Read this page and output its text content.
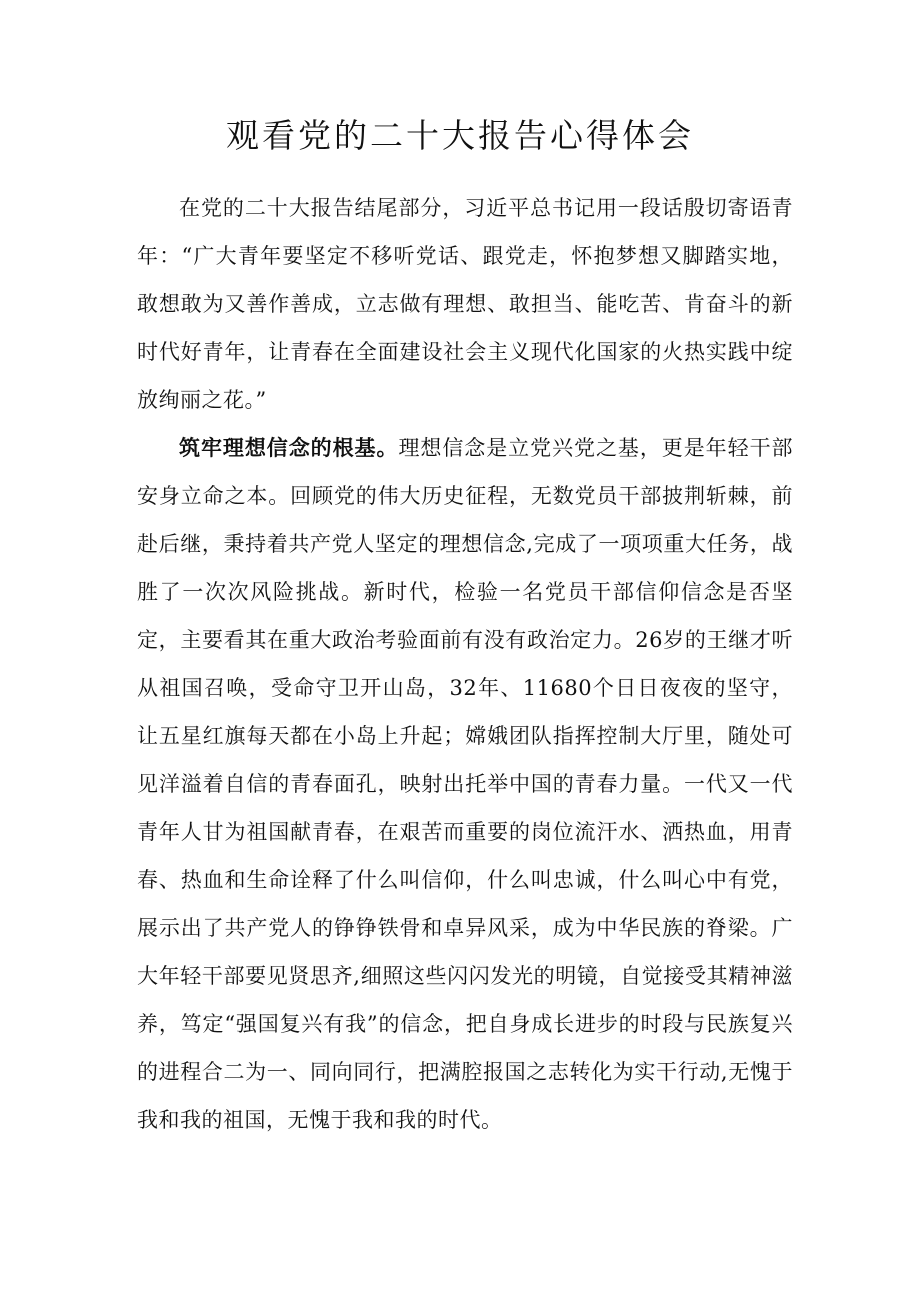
观看党的二十大报告心得体会

在党的二十大报告结尾部分，习近平总书记用一段话殷切寄语青年：“广大青年要坚定不移听党话、跟党走，怀抱梦想又脚踏实地，敢想敢为又善作善成，立志做有理想、敢担当、能吃苦、肯奋斗的新时代好青年，让青春在全面建设社会主义现代化国家的火热实践中绽放绚丽之花。”

筑牢理想信念的根基。理想信念是立党兴党之基，更是年轻干部安身立命之本。回顾党的伟大历史征程，无数党员干部披荆斩棘，前赴后继，秉持着共产党人坚定的理想信念,完成了一项项重大任务，战胜了一次次风险挑战。新时代，检验一名党员干部信仰信念是否坚定，主要看其在重大政治考验面前有没有政治定力。26岁的王继才听从祖国召唤，受命守卫开山岛，32年、11680个日日夜夜的坚守，让五星红旗每天都在小岛上升起；嫦娥团队指挥控制大厅里，随处可见洋溢着自信的青春面孔，映射出托举中国的青春力量。一代又一代青年人甘为祖国献青春，在艰苦而重要的岗位流汗水、洒热血，用青春、热血和生命诠释了什么叫信仰，什么叫忠诚，什么叫心中有党，展示出了共产党人的铮铮铁骨和卓异风采，成为中华民族的脊梁。广大年轻干部要见贤思齐,细照这些闪闪发光的明镜，自觉接受其精神滋养，笃定“强国复兴有我”的信念，把自身成长进步的时段与民族复兴的进程合二为一、同向同行，把满腔报国之志转化为实干行动,无愧于我和我的祖国，无愧于我和我的时代。
